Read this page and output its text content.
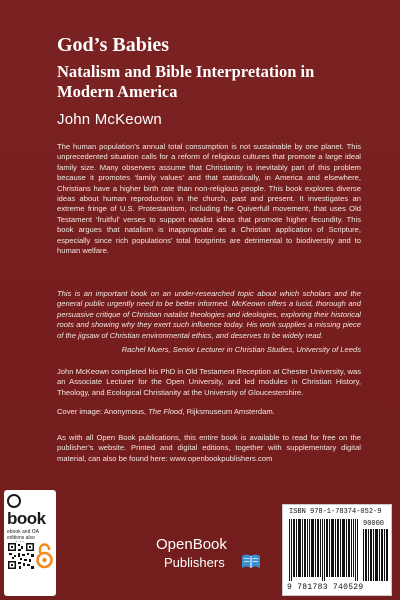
God’s Babies
Natalism and Bible Interpretation in Modern America
John McKeown

The human population’s annual total consumption is not sustainable by one planet. This unprecedented situation calls for a reform of religious cultures that promote a large ideal family size. Many observers assume that Christianity is inevitably part of this problem because it promotes ‘family values’ and that statistically, in America and elsewhere, Christians have a higher birth rate than non-religious people. This book explores diverse ideas about human reproduction in the church, past and present. It investigates an extreme fringe of U.S. Protestantism, including the Quiverfull movement, that uses Old Testament ‘fruitful’ verses to support natalist ideas that promote higher fecundity. This book argues that natalism is inappropriate as a Christian application of Scripture, especially since rich populations’ total footprints are detrimental to biodiversity and to human welfare.

This is an important book on an under-researched topic about which scholars and the general public urgently need to be better informed. McKeown offers a lucid, thorough and persuasive critique of Christian natalist theologies and ideologies, exploring their historical roots and showing why they exert such influence today. His work supplies a missing piece of the jigsaw of Christian environmental ethics, and deserves to be widely read.

Rachel Muers, Senior Lecturer in Christian Studies, University of Leeds

John McKeown completed his PhD in Old Testament Reception at Chester University, was an Associate Lecturer for the Open University, and led modules in Christian History, Theology, and Ecological Christianity at the University of Gloucestershire.

Cover image: Anonymous, The Flood, Rijksmuseum Amsterdam.

As with all Open Book publications, this entire book is available to read for free on the publisher’s website. Printed and digital editions, together with supplementary digital material, can also be found here: www.openbookpublishers.com

book
ebook and OA editions also	OpenBook
Publishers
ISBN 978-1-78374-052-9
90000
9 781783 740529
